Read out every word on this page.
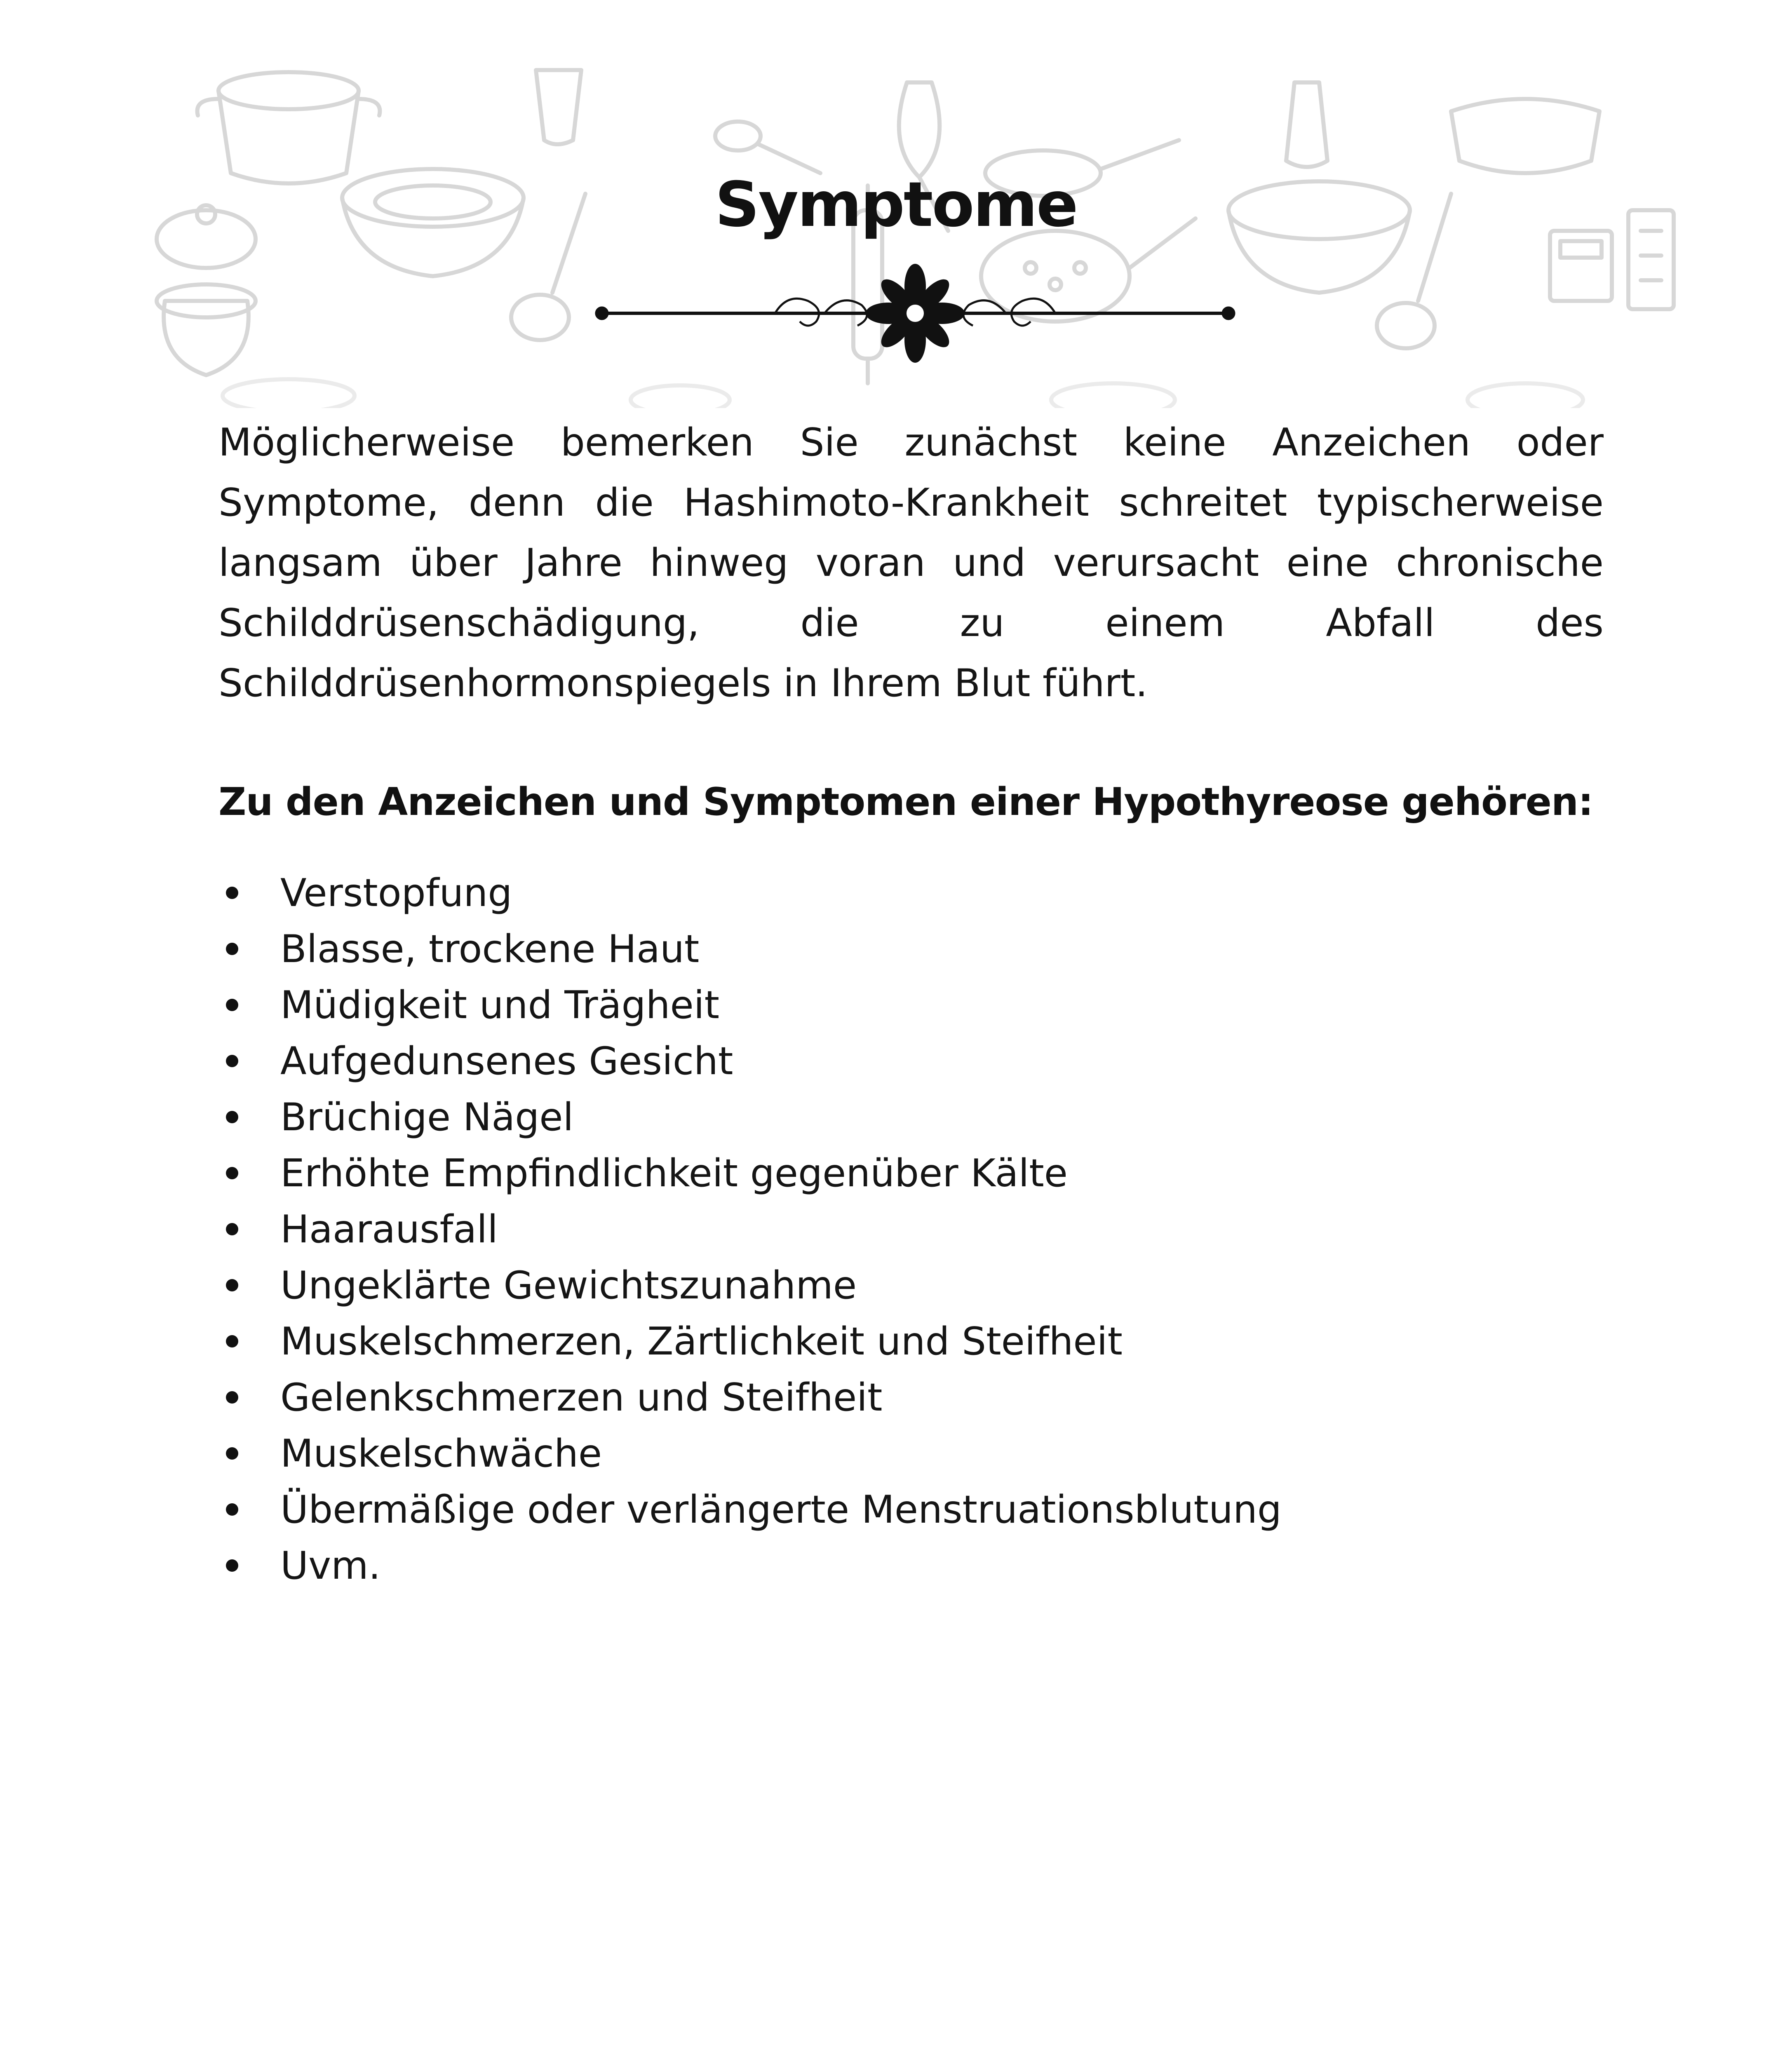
Symptome

Möglicherweise bemerken Sie zunächst keine Anzeichen oder Symptome, denn die Hashimoto-Krankheit schreitet typischerweise langsam über Jahre hinweg voran und verursacht eine chronische Schilddrüsenschädigung, die zu einem Abfall des Schilddrüsenhormonspiegels in Ihrem Blut führt.

Zu den Anzeichen und Symptomen einer Hypothyreose gehören:

Verstopfung
Blasse, trockene Haut
Müdigkeit und Trägheit
Aufgedunsenes Gesicht
Brüchige Nägel
Erhöhte Empfindlichkeit gegenüber Kälte
Haarausfall
Ungeklärte Gewichtszunahme
Muskelschmerzen, Zärtlichkeit und Steifheit
Gelenkschmerzen und Steifheit
Muskelschwäche
Übermäßige oder verlängerte Menstruationsblutung
Uvm.
